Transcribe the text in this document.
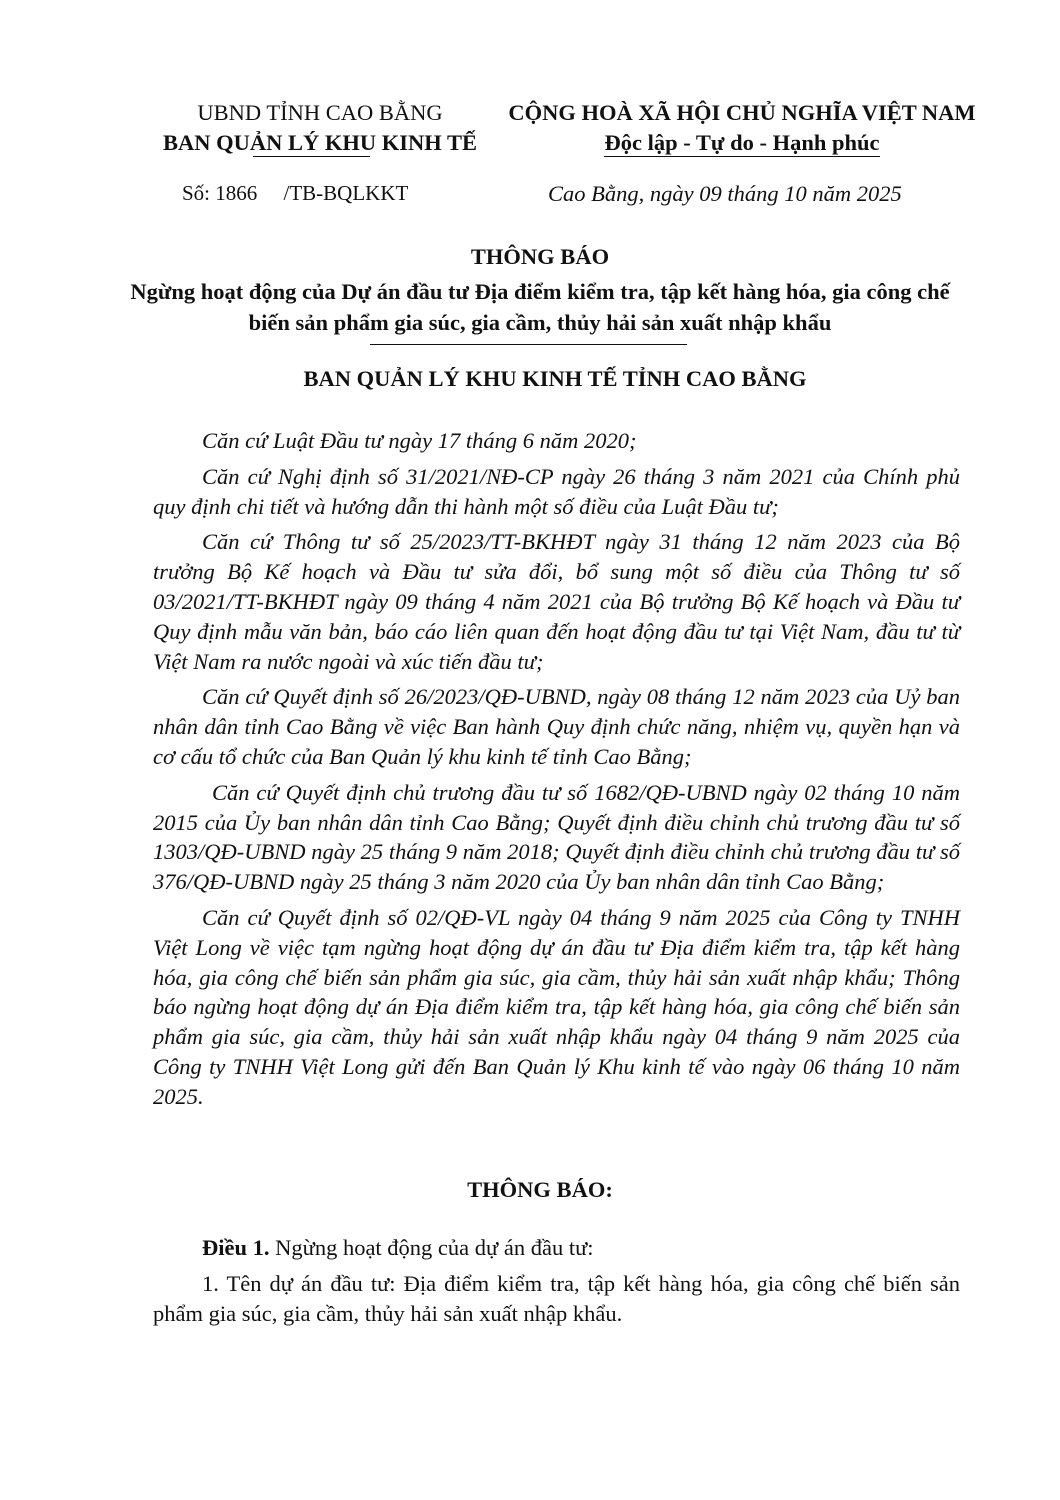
UBND TỈNH CAO BẰNG
BAN QUẢN LÝ KHU KINH TẾ
CỘNG HOÀ XÃ HỘI CHỦ NGHĨA VIỆT NAM
Độc lập - Tự do - Hạnh phúc
Số: 1866     /TB-BQLKKT	Cao Bằng, ngày 09 tháng 10 năm 2025
THÔNG BÁO
Ngừng hoạt động của Dự án đầu tư Địa điểm kiểm tra, tập kết hàng hóa, gia công chế biến sản phẩm gia súc, gia cầm, thủy hải sản xuất nhập khẩu
BAN QUẢN LÝ KHU KINH TẾ TỈNH CAO BẰNG

Căn cứ Luật Đầu tư ngày 17 tháng 6 năm 2020;

Căn cứ Nghị định số 31/2021/NĐ-CP ngày 26 tháng 3 năm 2021 của Chính phủ quy định chi tiết và hướng dẫn thi hành một số điều của Luật Đầu tư;

Căn cứ Thông tư số 25/2023/TT-BKHĐT ngày 31 tháng 12 năm 2023 của Bộ trưởng Bộ Kế hoạch và Đầu tư sửa đổi, bổ sung một số điều của Thông tư số 03/2021/TT-BKHĐT ngày 09 tháng 4 năm 2021 của Bộ trưởng Bộ Kế hoạch và Đầu tư Quy định mẫu văn bản, báo cáo liên quan đến hoạt động đầu tư tại Việt Nam, đầu tư từ Việt Nam ra nước ngoài và xúc tiến đầu tư;

Căn cứ Quyết định số 26/2023/QĐ-UBND, ngày 08 tháng 12 năm 2023 của Uỷ ban nhân dân tỉnh Cao Bằng về việc Ban hành Quy định chức năng, nhiệm vụ, quyền hạn và cơ cấu tổ chức của Ban Quản lý khu kinh tế tỉnh Cao Bằng;

Căn cứ Quyết định chủ trương đầu tư số 1682/QĐ-UBND ngày 02 tháng 10 năm 2015 của Ủy ban nhân dân tỉnh Cao Bằng; Quyết định điều chỉnh chủ trương đầu tư số 1303/QĐ-UBND ngày 25 tháng 9 năm 2018; Quyết định điều chỉnh chủ trương đầu tư số 376/QĐ-UBND ngày 25 tháng 3 năm 2020 của Ủy ban nhân dân tỉnh Cao Bằng;

Căn cứ Quyết định số 02/QĐ-VL ngày 04 tháng 9 năm 2025 của Công ty TNHH Việt Long về việc tạm ngừng hoạt động dự án đầu tư Địa điểm kiểm tra, tập kết hàng hóa, gia công chế biến sản phẩm gia súc, gia cầm, thủy hải sản xuất nhập khẩu; Thông báo ngừng hoạt động dự án Địa điểm kiểm tra, tập kết hàng hóa, gia công chế biến sản phẩm gia súc, gia cầm, thủy hải sản xuất nhập khẩu ngày 04 tháng 9 năm 2025 của Công ty TNHH Việt Long gửi đến Ban Quản lý Khu kinh tế vào ngày 06 tháng 10 năm 2025.

THÔNG BÁO:

Điều 1. Ngừng hoạt động của dự án đầu tư:

1. Tên dự án đầu tư: Địa điểm kiểm tra, tập kết hàng hóa, gia công chế biến sản phẩm gia súc, gia cầm, thủy hải sản xuất nhập khẩu.
